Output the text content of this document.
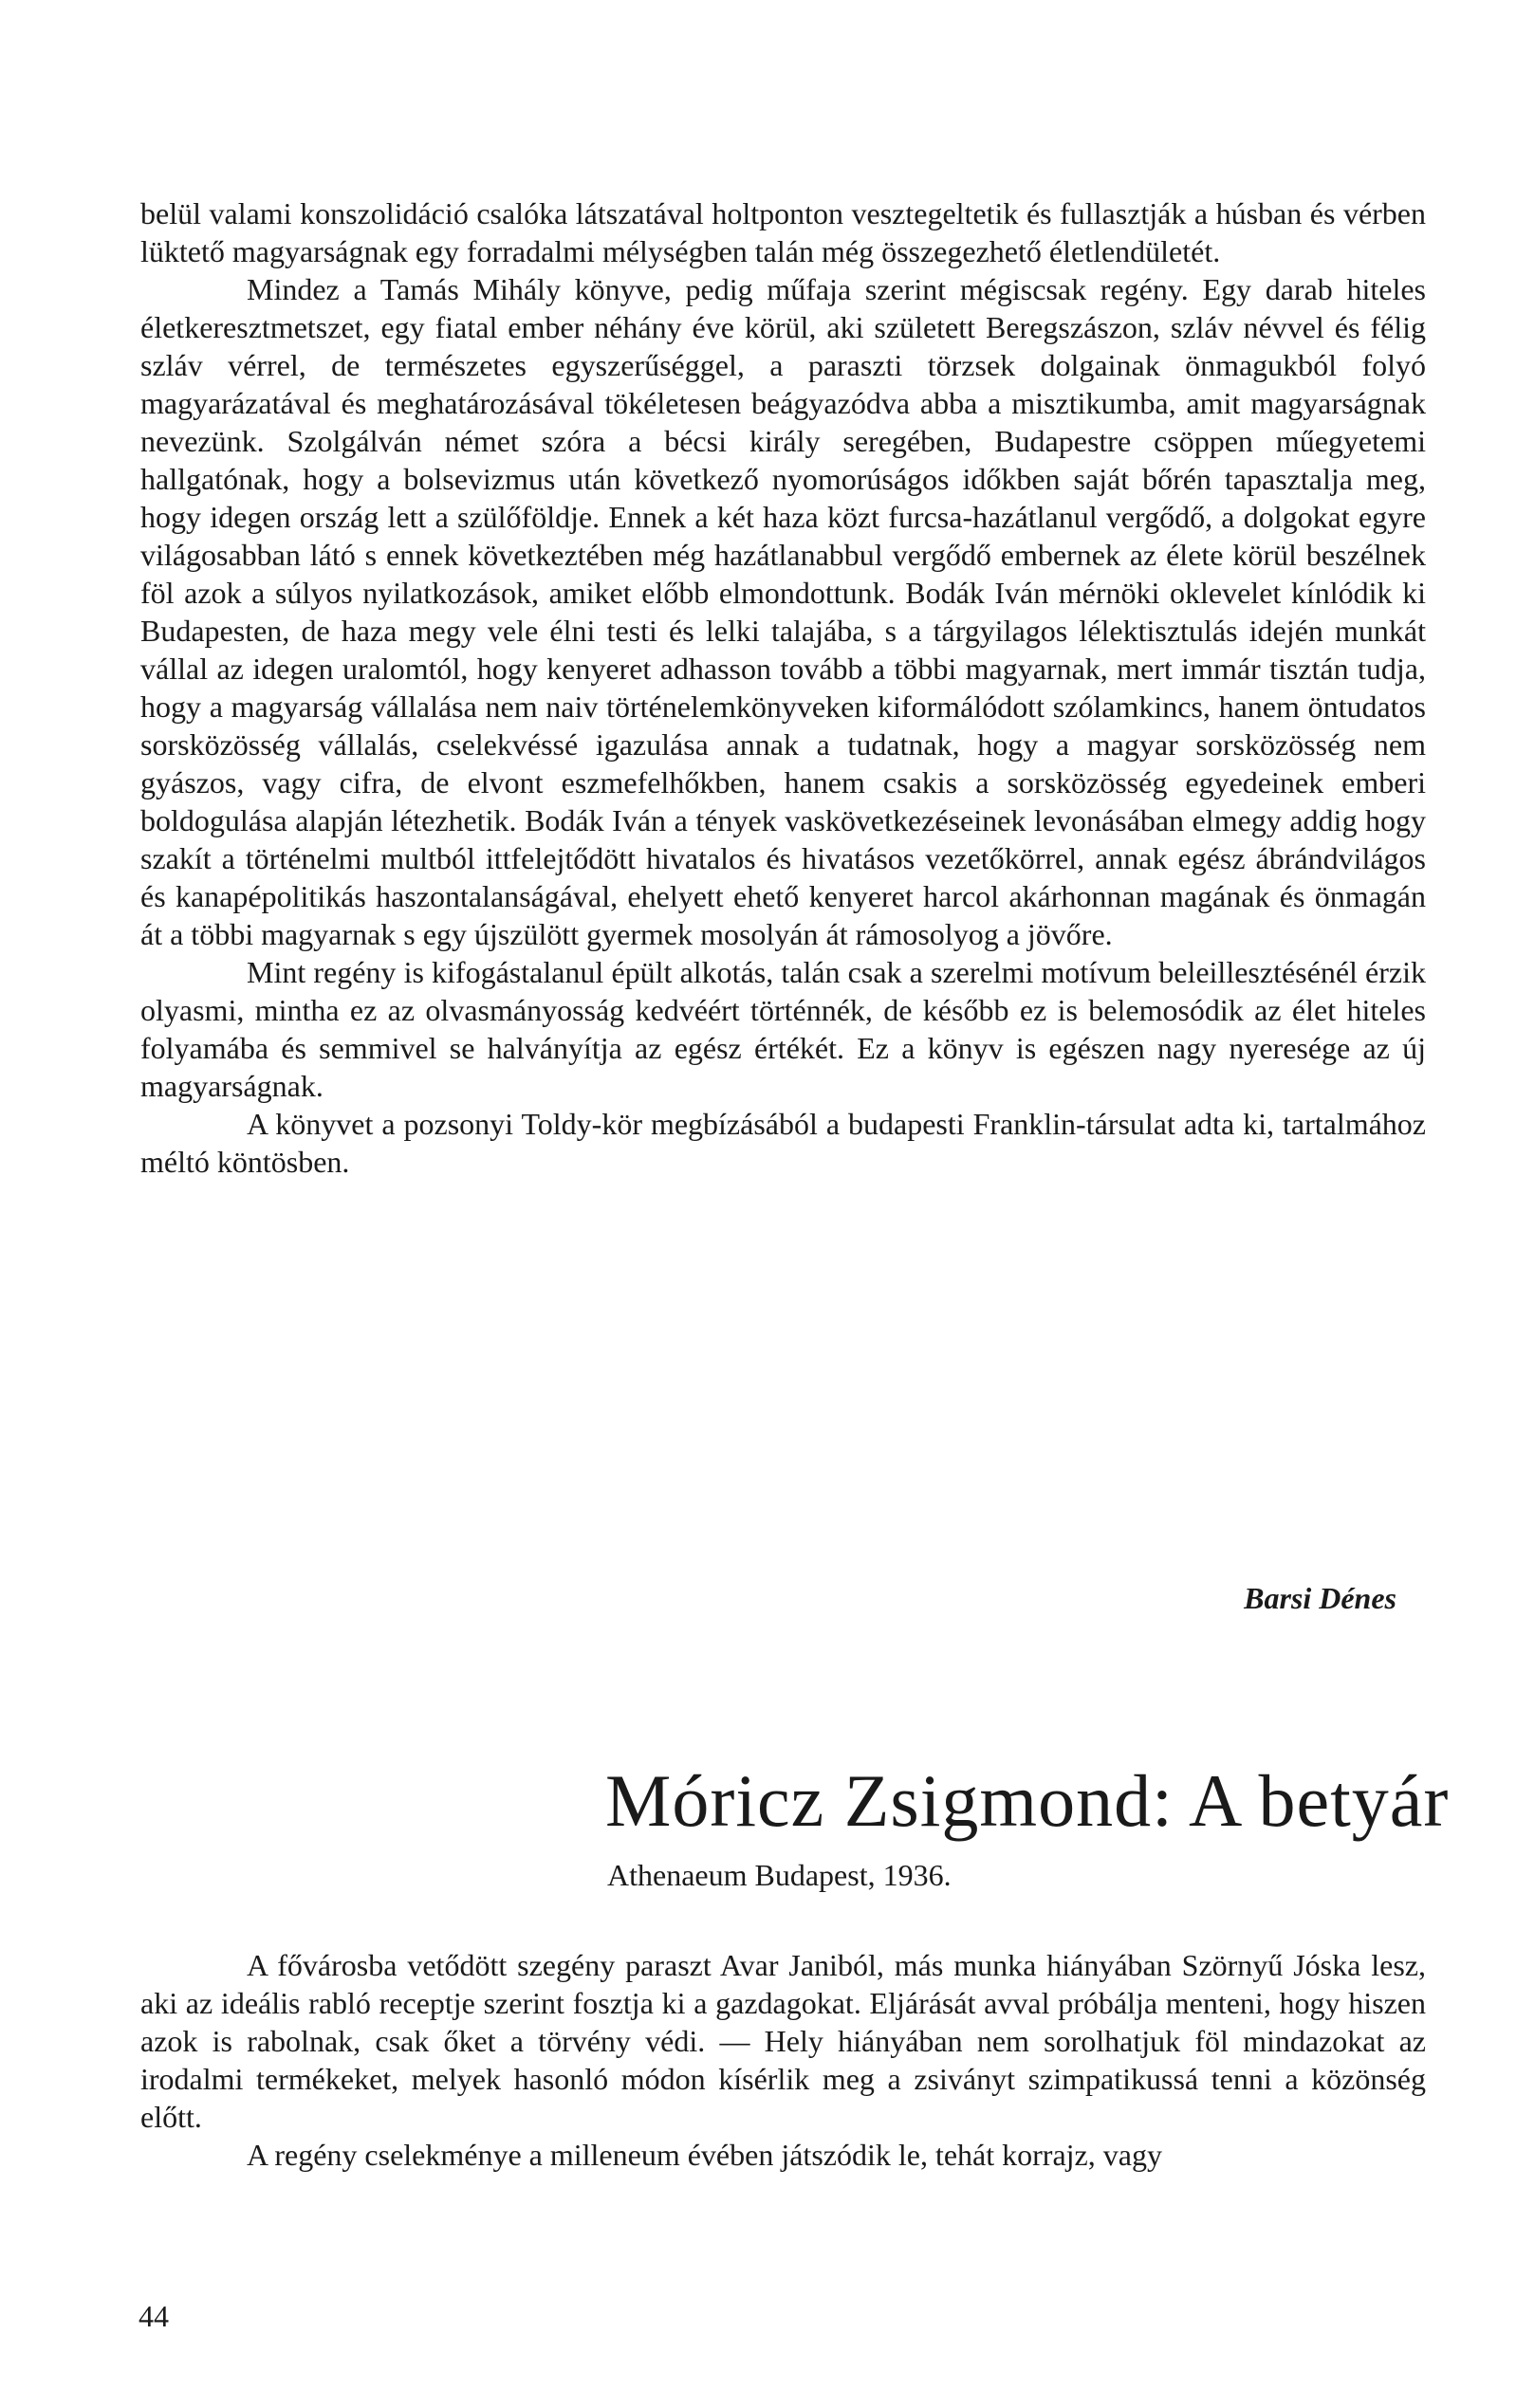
belül valami konszolidáció csalóka látszatával holtponton vesztegeltetik és fullasztják a húsban és vérben lüktető magyarságnak egy forradalmi mélységben talán még összegezhető életlendületét.

Mindez a Tamás Mihály könyve, pedig műfaja szerint mégiscsak regény. Egy darab hiteles életkeresztmetszet, egy fiatal ember néhány éve körül, aki született Beregszászon, szláv névvel és félig szláv vérrel, de természetes egyszerűséggel, a paraszti törzsek dolgainak önmagukból folyó magyarázatával és meghatározásával tökéletesen beágyazódva abba a misztikumba, amit magyarságnak nevezünk. Szolgálván német szóra a bécsi király seregében, Budapestre csöppen műegyetemi hallgatónak, hogy a bolsevizmus után következő nyomorúságos időkben saját bőrén tapasztalja meg, hogy idegen ország lett a szülőföldje. Ennek a két haza közt furcsa-hazátlanul vergődő, a dolgokat egyre világosabban látó s ennek következtében még hazátlanabbul vergődő embernek az élete körül beszélnek föl azok a súlyos nyilatkozások, amiket előbb elmondottunk. Bodák Iván mérnöki oklevelet kínlódik ki Budapesten, de haza megy vele élni testi és lelki talajába, s a tárgyilagos lélektisztulás idején munkát vállal az idegen uralomtól, hogy kenyeret adhasson tovább a többi magyarnak, mert immár tisztán tudja, hogy a magyarság vállalása nem naiv történelemkönyveken kiformálódott szólamkincs, hanem öntudatos sorsközösség vállalás, cselekvéssé igazulása annak a tudatnak, hogy a magyar sorsközösség nem gyászos, vagy cifra, de elvont eszmefelhőkben, hanem csakis a sorsközösség egyedeinek emberi boldogulása alapján létezhetik. Bodák Iván a tények vaskövetkezéseinek levonásában elmegy addig hogy szakít a történelmi multból ittfelejtődött hivatalos és hivatásos vezetőkörrel, annak egész ábrándvilágos és kanapépolitikás haszontalanságával, ehelyett ehető kenyeret harcol akárhonnan magának és önmagán át a többi magyarnak s egy újszülött gyermek mosolyán át rámosolyog a jövőre.

Mint regény is kifogástalanul épült alkotás, talán csak a szerelmi motívum beleillesztésénél érzik olyasmi, mintha ez az olvasmányosság kedvéért történnék, de később ez is belemosódik az élet hiteles folyamába és semmivel se halványítja az egész értékét. Ez a könyv is egészen nagy nyeresége az új magyarságnak.

A könyvet a pozsonyi Toldy-kör megbízásából a budapesti Franklin-társulat adta ki, tartalmához méltó köntösben.

Barsi Dénes
Móricz Zsigmond: A betyár
Athenaeum Budapest, 1936.

A fővárosba vetődött szegény paraszt Avar Janiból, más munka hiányában Szörnyű Jóska lesz, aki az ideális rabló receptje szerint fosztja ki a gazdagokat. Eljárását avval próbálja menteni, hogy hiszen azok is rabolnak, csak őket a törvény védi. — Hely hiányában nem sorolhatjuk föl mindazokat az irodalmi termékeket, melyek hasonló módon kísérlik meg a zsiványt szimpatikussá tenni a közönség előtt.

A regény cselekménye a milleneum évében játszódik le, tehát korrajz, vagy

44
